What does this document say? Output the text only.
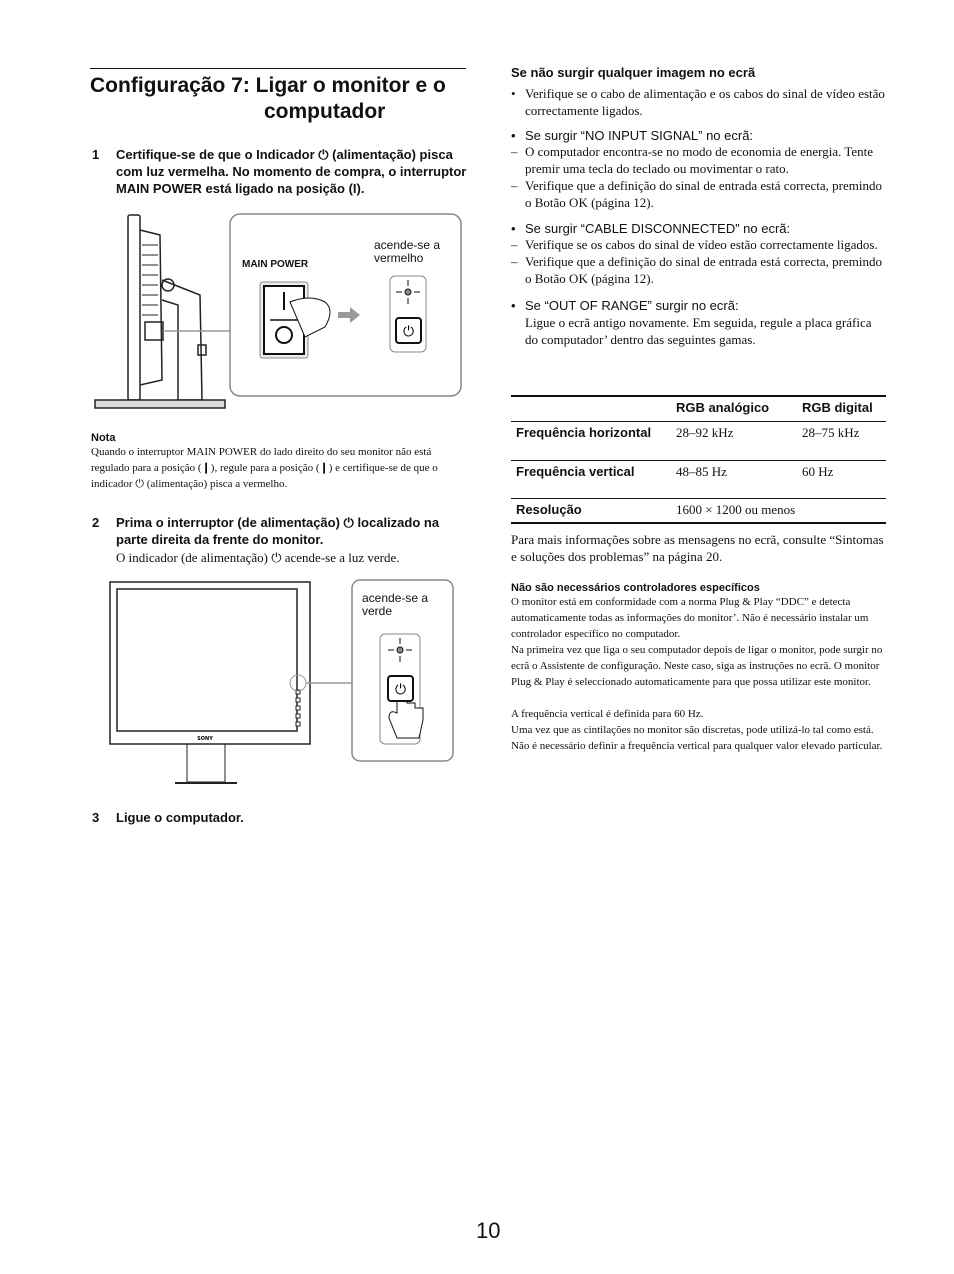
Configuração 7: Ligar o monitor e o
computador
1 Certifique-se de que o Indicador ⏻ (alimentação) pisca com luz vermelha. No momento de compra, o interruptor MAIN POWER está ligado na posição (I).
⏻
MAIN POWER
acende-se a vermelho
Nota
Quando o interruptor MAIN POWER do lado direito do seu monitor não está regulado para a posição (❙), regule para a posição (❙) e certifique-se de que o indicador ⏻ (alimentação) pisca a vermelho.
2 Prima o interruptor (de alimentação) ⏻ localizado na parte direita da frente do monitor.
O indicador (de alimentação) ⏻ acende-se a luz verde.
SONY
⏻
acende-se a verde
3 Ligue o computador.
Se não surgir qualquer imagem no ecrã
• Verifique se o cabo de alimentação e os cabos do sinal de vídeo estão correctamente ligados.
• Se surgir “NO INPUT SIGNAL” no ecrã:
– O computador encontra-se no modo de economia de energia. Tente premir uma tecla do teclado ou movimentar o rato.
– Verifique que a definição do sinal de entrada está correcta, premindo o Botão OK (página 12).
• Se surgir “CABLE DISCONNECTED” no ecrã:
– Verifique se os cabos do sinal de vídeo estão correctamente ligados.
– Verifique que a definição do sinal de entrada está correcta, premindo o Botão OK (página 12).
• Se “OUT OF RANGE” surgir no ecrã:
Ligue o ecrã antigo novamente. Em seguida, regule a placa gráfica do computador’ dentro das seguintes gamas.
	RGB analógico	RGB digital
Frequência horizontal	28–92 kHz	28–75 kHz
Frequência vertical	48–85 Hz	60 Hz
Resolução	1600 × 1200 ou menos	
Para mais informações sobre as mensagens no ecrã, consulte “Sintomas e soluções dos problemas” na página 20.
Não são necessários controladores específicos
O monitor está em conformidade com a norma Plug & Play “DDC” e detecta automaticamente todas as informações do monitor’. Não é necessário instalar um controlador específico no computador.
Na primeira vez que liga o seu computador depois de ligar o monitor, pode surgir no ecrã o Assistente de configuração. Neste caso, siga as instruções no ecrã. O monitor Plug & Play é seleccionado automaticamente para que possa utilizar este monitor.
A frequência vertical é definida para 60 Hz.
Uma vez que as cintilações no monitor são discretas, pode utilizá-lo tal como está. Não é necessário definir a frequência vertical para qualquer valor elevado particular.
10
